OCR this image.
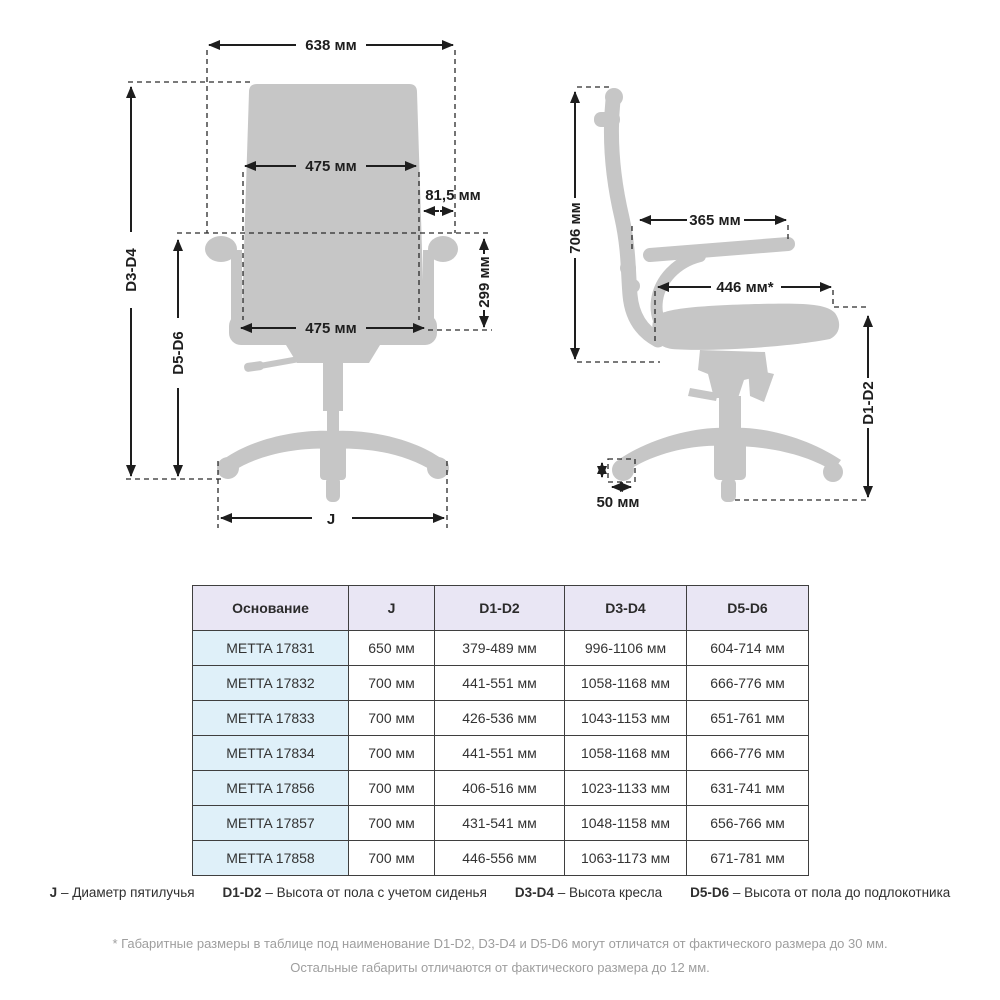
638 мм
D3-D4
475 мм
81,5 мм
299 мм
D5-D6
475 мм
J
706 мм	365 мм
446 мм*
D1-D2
50 мм
Основание	J	D1-D2	D3-D4	D5-D6
METTA 17831	650 мм	379-489 мм	996-1106 мм	604-714 мм
METTA 17832	700 мм	441-551 мм	1058-1168 мм	666-776 мм
METTA 17833	700 мм	426-536 мм	1043-1153 мм	651-761 мм
METTA 17834	700 мм	441-551 мм	1058-1168 мм	666-776 мм
METTA 17856	700 мм	406-516 мм	1023-1133 мм	631-741 мм
METTA 17857	700 мм	431-541 мм	1048-1158 мм	656-766 мм
METTA 17858	700 мм	446-556 мм	1063-1173 мм	671-781 мм
J – Диаметр пятилучья D1-D2 – Высота от пола с учетом сиденья D3-D4 – Высота кресла D5-D6 – Высота от пола до подлокотника
* Габаритные размеры в таблице под наименование D1-D2, D3-D4 и D5-D6 могут отличатся от фактического размера до 30 мм.
Остальные габариты отличаются от фактического размера до 12 мм.
